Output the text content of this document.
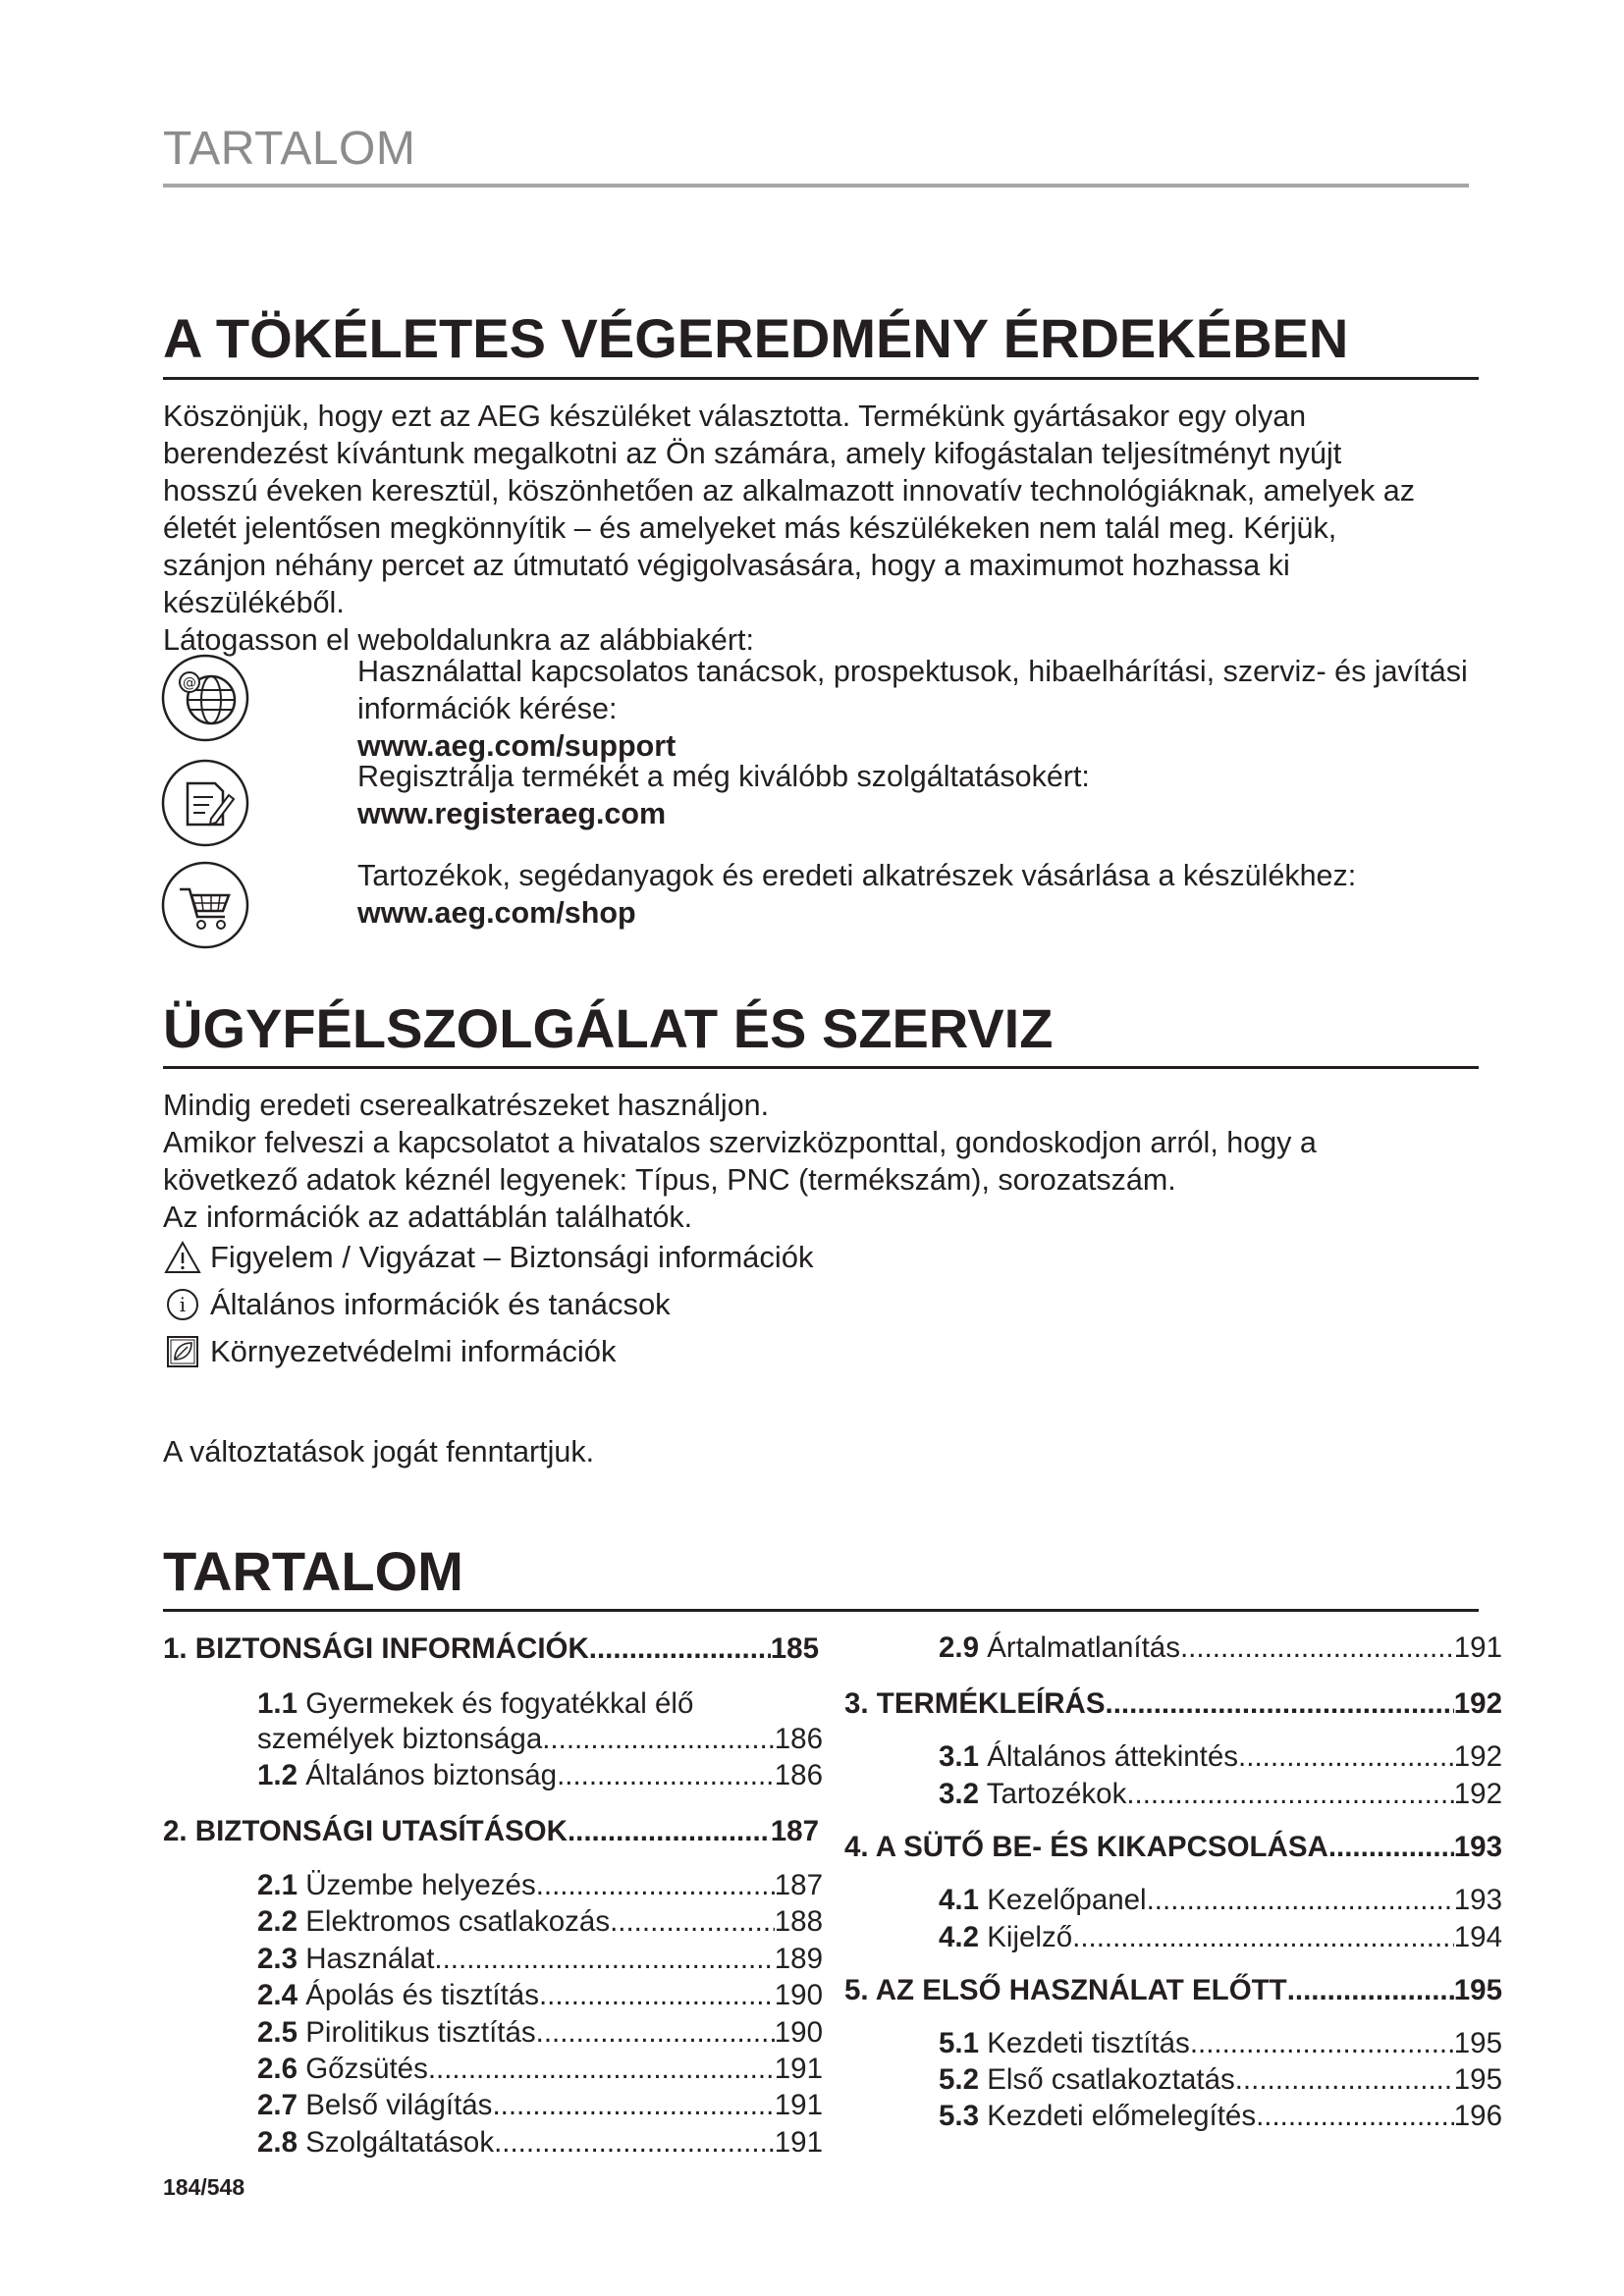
TARTALOM
A TÖKÉLETES VÉGEREDMÉNY ÉRDEKÉBEN

Köszönjük, hogy ezt az AEG készüléket választotta. Termékünk gyártásakor egy olyan

berendezést kívántunk megalkotni az Ön számára, amely kifogástalan teljesítményt nyújt

hosszú éveken keresztül, köszönhetően az alkalmazott innovatív technológiáknak, amelyek az

életét jelentősen megkönnyítik – és amelyeket más készülékeken nem talál meg. Kérjük,

szánjon néhány percet az útmutató végigolvasására, hogy a maximumot hozhassa ki

készülékéből.

Látogasson el weboldalunkra az alábbiakért:

@	Használattal kapcsolatos tanácsok, prospektusok, hibaelhárítási, szerviz- és javítási
információk kérése:
www.aeg.com/support
Regisztrálja termékét a még kiválóbb szolgáltatásokért:
www.registeraeg.com
Tartozékok, segédanyagok és eredeti alkatrészek vásárlása a készülékhez:
www.aeg.com/shop
ÜGYFÉLSZOLGÁLAT ÉS SZERVIZ

Mindig eredeti cserealkatrészeket használjon.

Amikor felveszi a kapcsolatot a hivatalos szervizközponttal, gondoskodjon arról, hogy a

következő adatok kéznél legyenek: Típus, PNC (termékszám), sorozatszám.

Az információk az adattáblán találhatók.

Figyelem / Vigyázat – Biztonsági információk
i Általános információk és tanácsok
Környezetvédelmi információk
A változtatások jogát fenntartjuk.
TARTALOM
1. BIZTONSÁGI INFORMÁCIÓK .....	185
1.1 Gyermekek és fogyatékkal élő
személyek biztonsága .....	186
1.2 Általános biztonság .....	186
2. BIZTONSÁGI UTASÍTÁSOK .....	187
2.1 Üzembe helyezés .....	187
2.2 Elektromos csatlakozás .....	188
2.3 Használat .....	189
2.4 Ápolás és tisztítás .....	190
2.5 Pirolitikus tisztítás .....	190
2.6 Gőzsütés .....	191
2.7 Belső világítás .....	191
2.8 Szolgáltatások .....	191
2.9 Ártalmatlanítás .....	191
3. TERMÉKLEÍRÁS .....	192
3.1 Általános áttekintés .....	192
3.2 Tartozékok .....	192
4. A SÜTŐ BE- ÉS KIKAPCSOLÁSA .....	193
4.1 Kezelőpanel .....	193
4.2 Kijelző .....	194
5. AZ ELSŐ HASZNÁLAT ELŐTT .....	195
5.1 Kezdeti tisztítás .....	195
5.2 Első csatlakoztatás .....	195
5.3 Kezdeti előmelegítés .....	196
184/548
